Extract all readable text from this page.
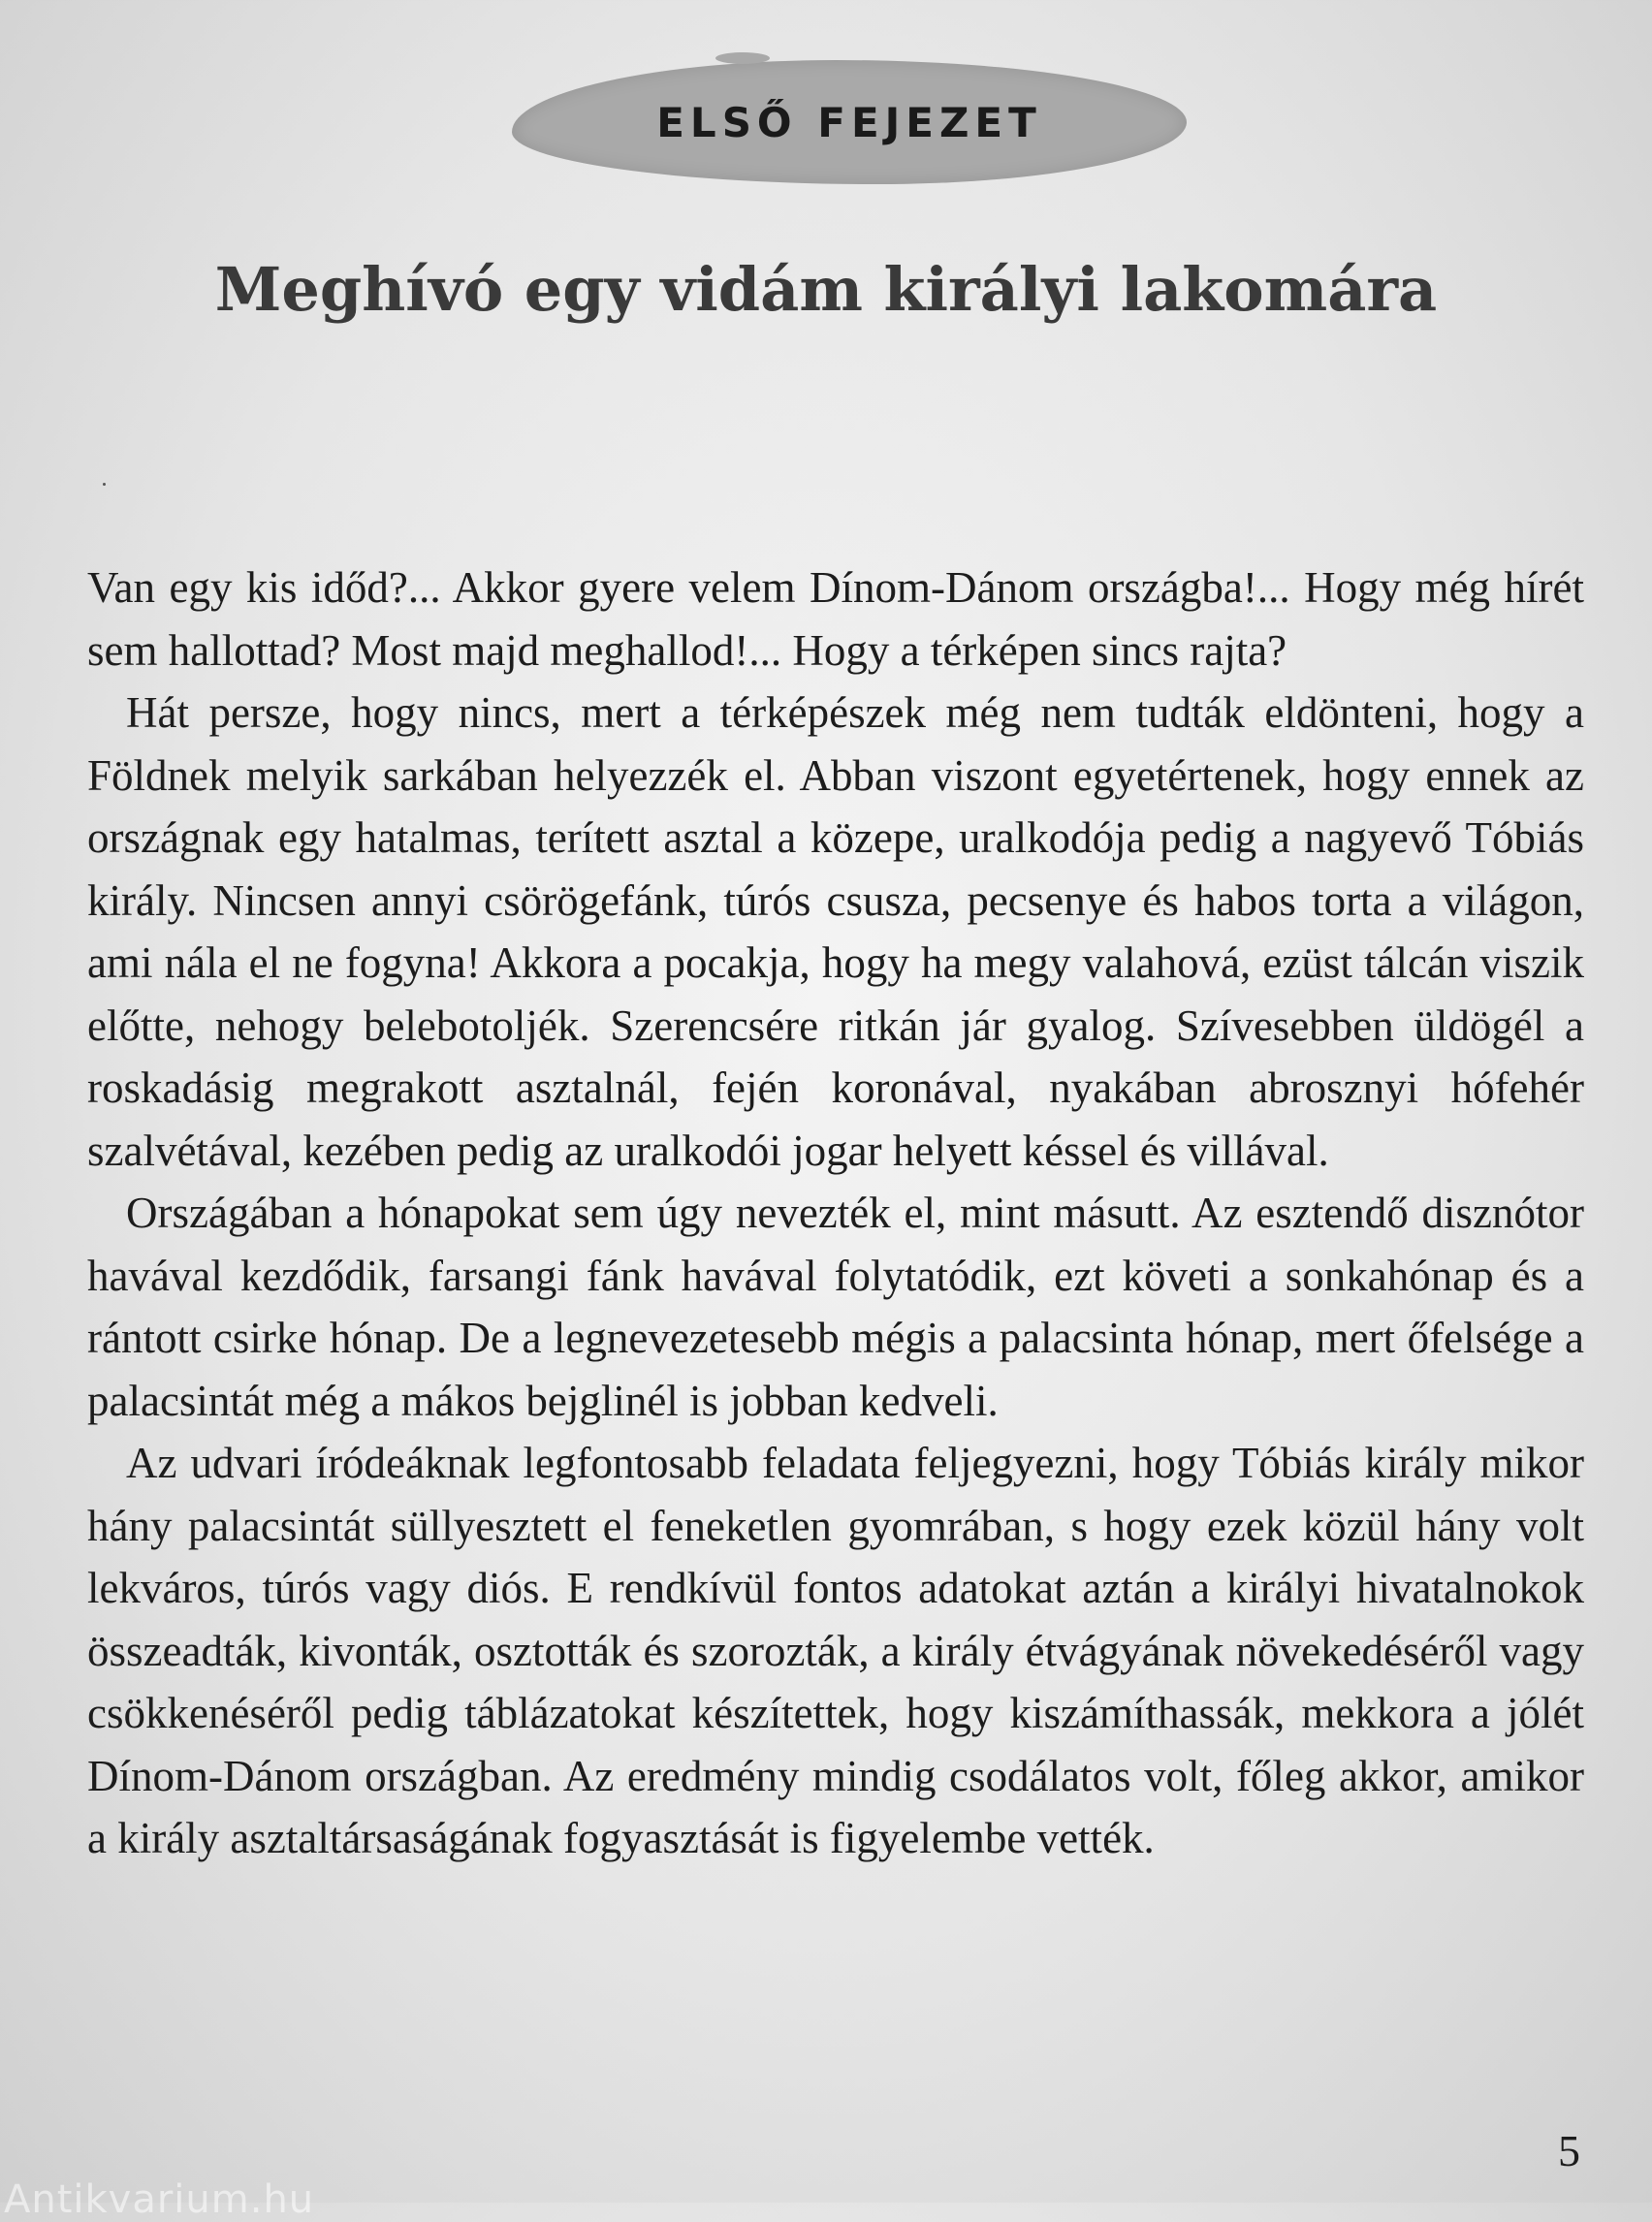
ELSŐ FEJEZET
Meghívó egy vidám királyi lakomára

Van egy kis időd?... Akkor gyere velem Dínom-Dánom országba!... Hogy még hírét sem hallottad? Most majd meghallod!... Hogy a térképen sincs rajta?

Hát persze, hogy nincs, mert a térképészek még nem tudták eldönteni, hogy a Földnek melyik sarkában helyezzék el. Abban viszont egyetértenek, hogy ennek az országnak egy hatalmas, terített asztal a közepe, uralkodója pedig a nagyevő Tóbiás király. Nincsen annyi csörögefánk, túrós csusza, pecsenye és habos torta a világon, ami nála el ne fogyna! Akkora a pocakja, hogy ha megy valahová, ezüst tálcán viszik előtte, nehogy belebotoljék. Szerencsére ritkán jár gyalog. Szívesebben üldögél a roskadásig megrakott asztalnál, fején koronával, nyakában abrosznyi hófehér szalvétával, kezében pedig az uralkodói jogar helyett késsel és villával.

Országában a hónapokat sem úgy nevezték el, mint másutt. Az esztendő disznótor havával kezdődik, farsangi fánk havával folytatódik, ezt követi a sonkahónap és a rántott csirke hónap. De a legnevezetesebb mégis a palacsinta hónap, mert őfelsége a palacsintát még a mákos bejglinél is jobban kedveli.

Az udvari íródeáknak legfontosabb feladata feljegyezni, hogy Tóbiás király mikor hány palacsintát süllyesztett el feneketlen gyomrában, s hogy ezek közül hány volt lekváros, túrós vagy diós. E rendkívül fontos adatokat aztán a királyi hivatalnokok összeadták, kivonták, osztották és szorozták, a király étvágyának növekedéséről vagy csökkenéséről pedig táblázatokat készítettek, hogy kiszámíthassák, mekkora a jólét Dínom-Dánom országban. Az eredmény mindig csodálatos volt, főleg akkor, amikor a király asztaltársaságának fogyasztását is figyelembe vették.

5
Antikvarium.hu
